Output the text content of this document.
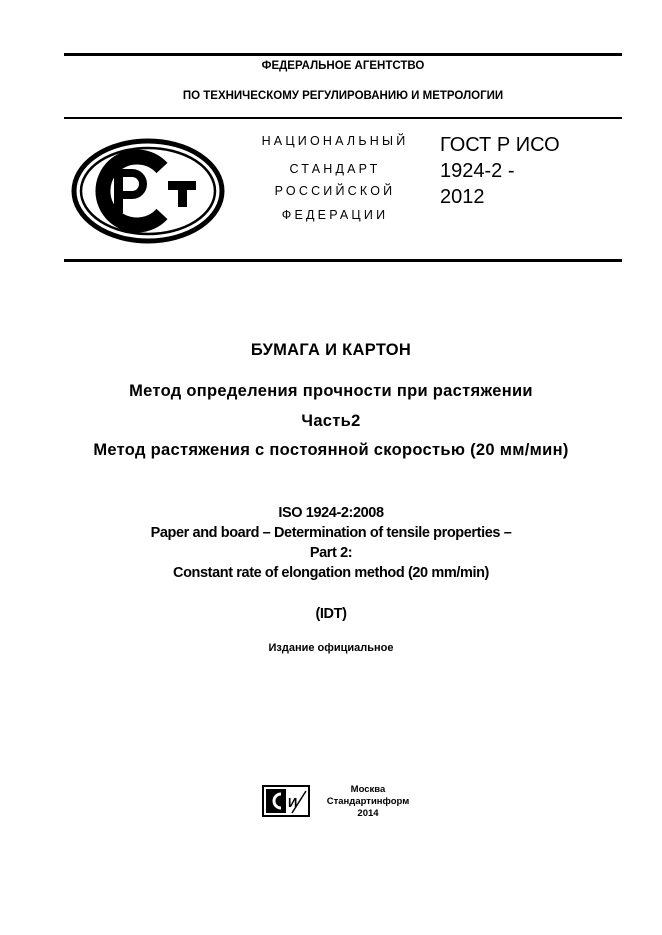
ФЕДЕРАЛЬНОЕ АГЕНТСТВО
ПО ТЕХНИЧЕСКОМУ РЕГУЛИРОВАНИЮ И МЕТРОЛОГИИ
НАЦИОНАЛЬНЫЙ
СТАНДАРТ
РОССИЙСКОЙ
ФЕДЕРАЦИИ
ГОСТ Р ИСО
1924-2 -
2012
БУМАГА И КАРТОН
Метод определения прочности при растяжении
Часть2
Метод растяжения с постоянной скоростью (20 мм/мин)
ISO 1924-2:2008
Paper and board – Determination of tensile properties –
Part 2:
Constant rate of elongation method (20 mm/min)
(IDT)
Издание официальное
И
Москва
Стандартинформ
2014
